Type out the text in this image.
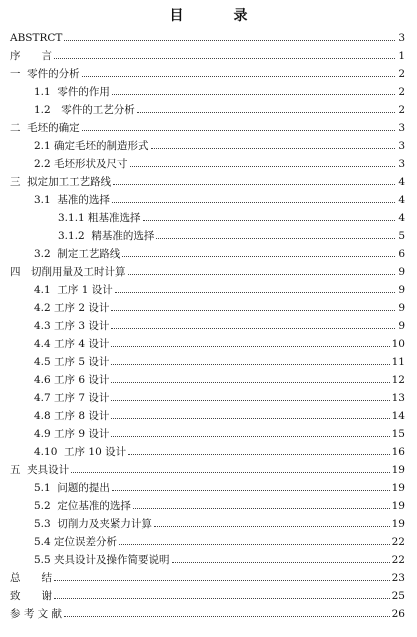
目　录
ABSTRCT	3
序　　言	1
一  零件的分析	2
1.1  零件的作用	2
1.2　零件的工艺分析	2
二  毛坯的确定	3
2.1 确定毛坯的制造形式	3
2.2 毛坯形状及尺寸	3
三  拟定加工工艺路线	4
3.1  基准的选择	4
3.1.1 粗基准选择	4
3.1.2  精基准的选择	5
3.2  制定工艺路线	6
四　切削用量及工时计算	9
4.1  工序 1 设计	9
4.2 工序 2 设计	9
4.3 工序 3 设计	9
4.4 工序 4 设计	10
4.5 工序 5 设计	11
4.6 工序 6 设计	12
4.7 工序 7 设计	13
4.8 工序 8 设计	14
4.9 工序 9 设计	15
4.10  工序 10 设计	16
五  夹具设计	19
5.1  问题的提出	19
5.2  定位基准的选择	19
5.3  切削力及夹紧力计算	19
5.4 定位误差分析	22
5.5 夹具设计及操作简要说明	22
总　　结	23
致　　谢	25
参 考 文 献	26
